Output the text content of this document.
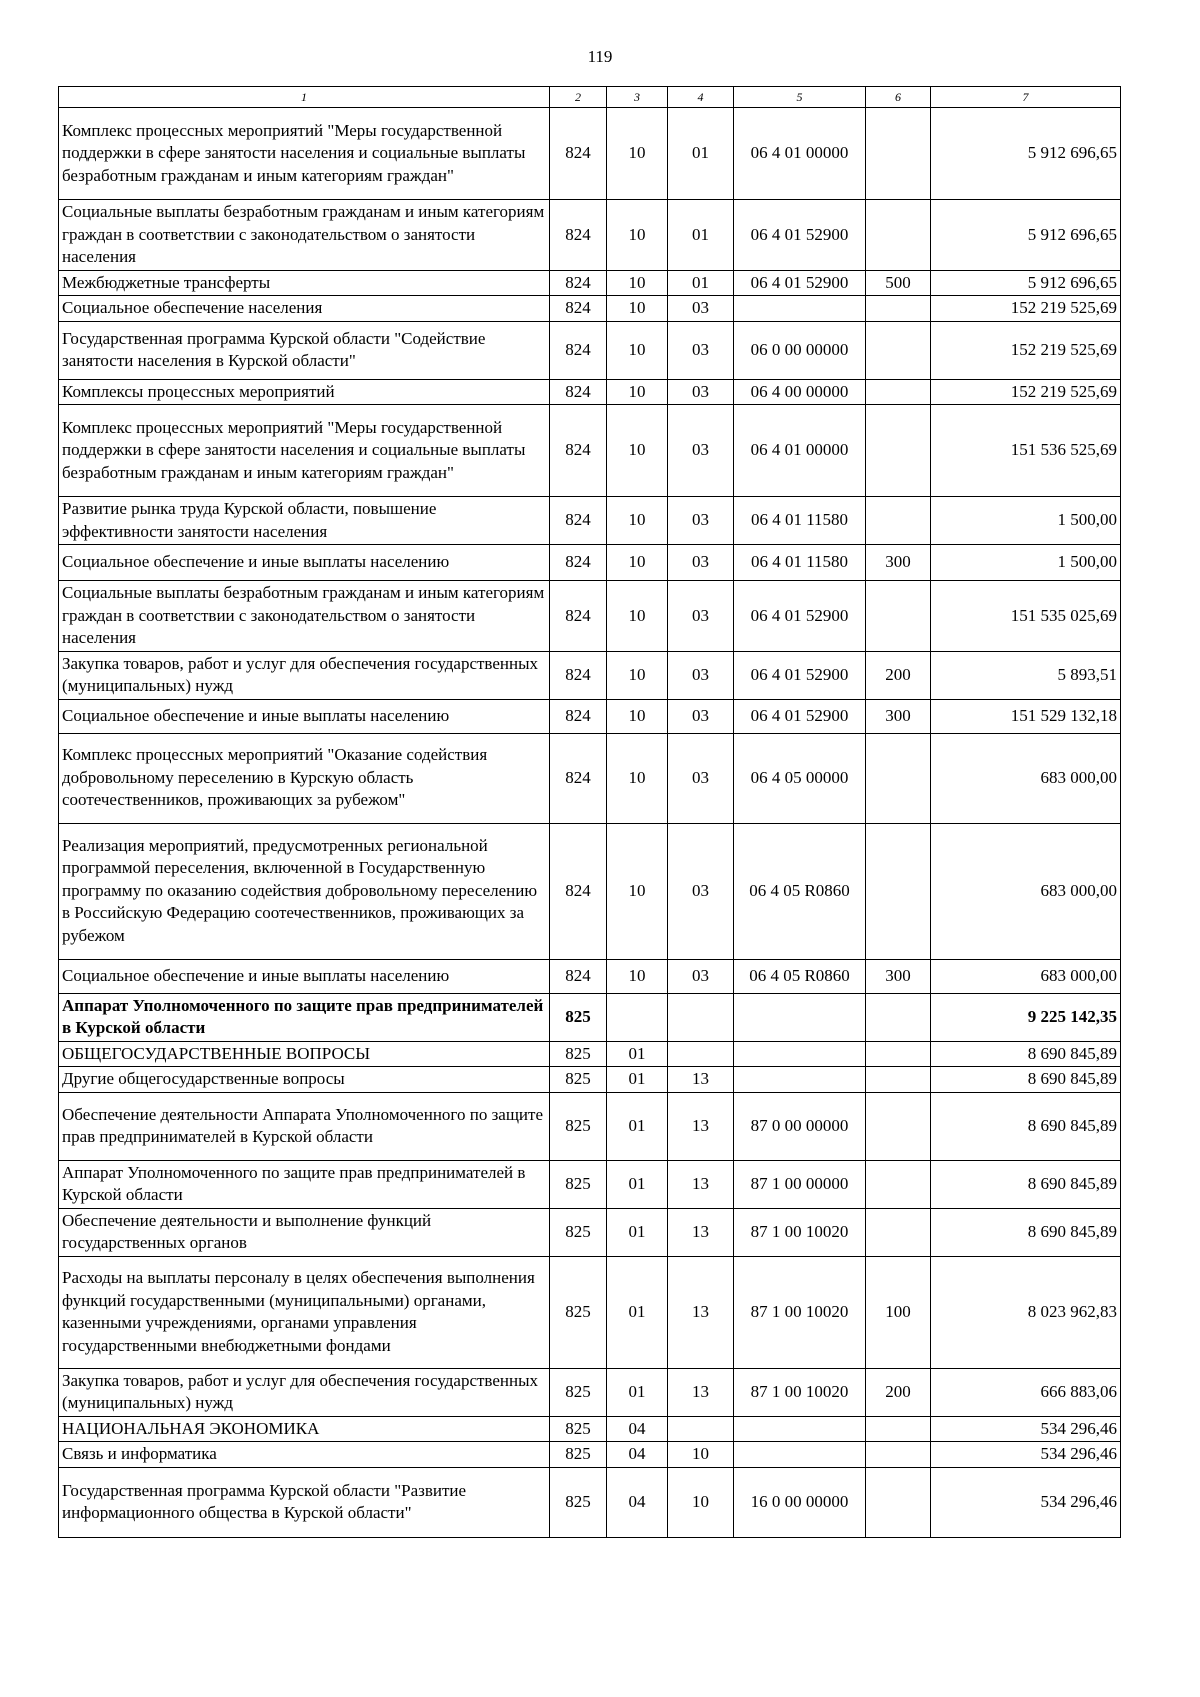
119
1	2	3	4	5	6	7
Комплекс процессных мероприятий "Меры государственной поддержки в сфере занятости населения и социальные выплаты безработным гражданам и иным категориям граждан"	824	10	01	06 4 01 00000		5 912 696,65
Социальные выплаты безработным гражданам и иным категориям граждан в соответствии с законодательством о занятости населения	824	10	01	06 4 01 52900		5 912 696,65
Межбюджетные трансферты	824	10	01	06 4 01 52900	500	5 912 696,65
Социальное обеспечение населения	824	10	03			152 219 525,69
Государственная программа Курской области "Содействие занятости населения в Курской области"	824	10	03	06 0 00 00000		152 219 525,69
Комплексы процессных мероприятий	824	10	03	06 4 00 00000		152 219 525,69
Комплекс процессных мероприятий "Меры государственной поддержки в сфере занятости населения и социальные выплаты безработным гражданам и иным категориям граждан"	824	10	03	06 4 01 00000		151 536 525,69
Развитие рынка труда Курской области, повышение эффективности занятости населения	824	10	03	06 4 01 11580		1 500,00
Социальное обеспечение и иные выплаты населению	824	10	03	06 4 01 11580	300	1 500,00
Социальные выплаты безработным гражданам и иным категориям граждан в соответствии с законодательством о занятости населения	824	10	03	06 4 01 52900		151 535 025,69
Закупка товаров, работ и услуг для обеспечения государственных (муниципальных) нужд	824	10	03	06 4 01 52900	200	5 893,51
Социальное обеспечение и иные выплаты населению	824	10	03	06 4 01 52900	300	151 529 132,18
Комплекс процессных мероприятий "Оказание содействия добровольному переселению в Курскую область соотечественников, проживающих за рубежом"	824	10	03	06 4 05 00000		683 000,00
Реализация мероприятий, предусмотренных региональной программой переселения, включенной в Государственную программу по оказанию содействия добровольному переселению в Российскую Федерацию соотечественников, проживающих за рубежом	824	10	03	06 4 05 R0860		683 000,00
Социальное обеспечение и иные выплаты населению	824	10	03	06 4 05 R0860	300	683 000,00
Аппарат Уполномоченного по защите прав предпринимателей в Курской области	825					9 225 142,35
ОБЩЕГОСУДАРСТВЕННЫЕ ВОПРОСЫ	825	01				8 690 845,89
Другие общегосударственные вопросы	825	01	13			8 690 845,89
Обеспечение деятельности Аппарата Уполномоченного по защите прав предпринимателей в Курской области	825	01	13	87 0 00 00000		8 690 845,89
Аппарат Уполномоченного по защите прав предпринимателей в Курской области	825	01	13	87 1 00 00000		8 690 845,89
Обеспечение деятельности и выполнение функций государственных органов	825	01	13	87 1 00 10020		8 690 845,89
Расходы на выплаты персоналу в целях обеспечения выполнения функций государственными (муниципальными) органами, казенными учреждениями, органами управления государственными внебюджетными фондами	825	01	13	87 1 00 10020	100	8 023 962,83
Закупка товаров, работ и услуг для обеспечения государственных (муниципальных) нужд	825	01	13	87 1 00 10020	200	666 883,06
НАЦИОНАЛЬНАЯ ЭКОНОМИКА	825	04				534 296,46
Связь и информатика	825	04	10			534 296,46
Государственная программа Курской области "Развитие информационного общества в Курской области"	825	04	10	16 0 00 00000		534 296,46
